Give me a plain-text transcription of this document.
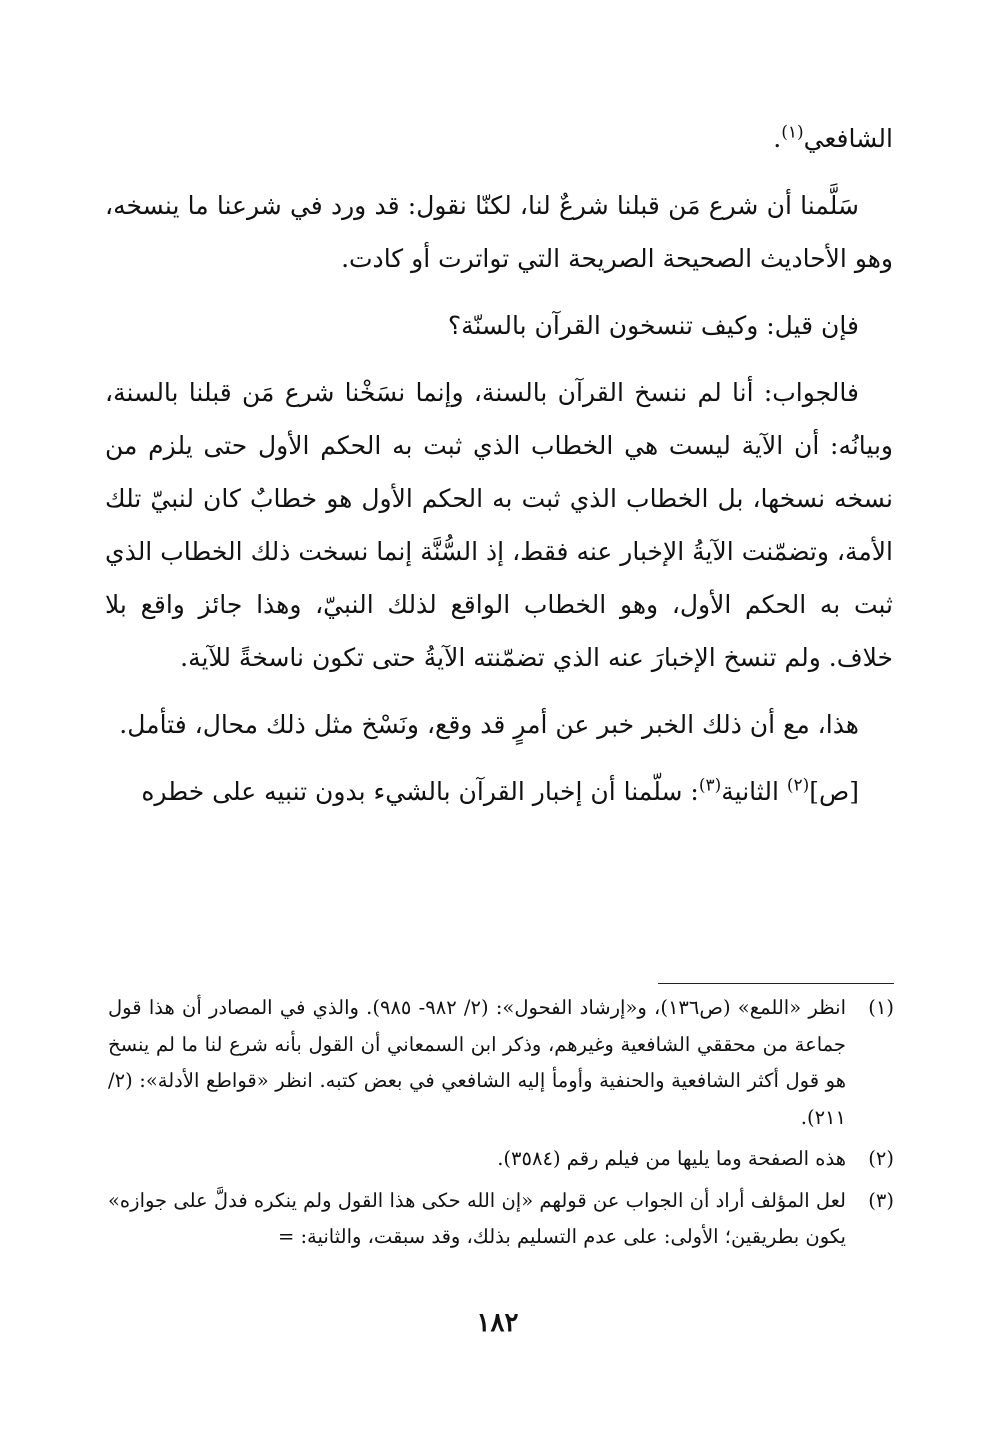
الشافعي$^{(١)}$.

سَلَّمنا أن شرع مَن قبلنا شرعٌ لنا، لكنّا نقول: قد ورد في شرعنا ما ينسخه، وهو الأحاديث الصحيحة الصريحة التي تواترت أو كادت.

فإن قيل: وكيف تنسخون القرآن بالسنّة؟

فالجواب: أنا لم ننسخ القرآن بالسنة، وإنما نسَخْنا شرع مَن قبلنا بالسنة، وبيانُه: أن الآية ليست هي الخطاب الذي ثبت به الحكم الأول حتى يلزم من نسخه نسخها، بل الخطاب الذي ثبت به الحكم الأول هو خطابٌ كان لنبيّ تلك الأمة، وتضمّنت الآيةُ الإخبار عنه فقط، إذ السُّنَّة إنما نسخت ذلك الخطاب الذي ثبت به الحكم الأول، وهو الخطاب الواقع لذلك النبيّ، وهذا جائز واقع بلا خلاف. ولم تنسخ الإخبارَ عنه الذي تضمّنته الآيةُ حتى تكون ناسخةً للآية.

هذا، مع أن ذلك الخبر خبر عن أمرٍ قد وقع، ونَسْخ مثل ذلك محال، فتأمل.

[ص]$^{(٢)}$ الثانية$^{(٣)}$: سلّمنا أن إخبار القرآن بالشيء بدون تنبيه على خطره

(١)
انظر «اللمع» (ص١٣٦)، و«إرشاد الفحول»: (٢/ ٩٨٢- ٩٨٥). والذي في المصادر أن هذا قول جماعة من محققي الشافعية وغيرهم، وذكر ابن السمعاني أن القول بأنه شرع لنا ما لم ينسخ هو قول أكثر الشافعية والحنفية وأومأ إليه الشافعي في بعض كتبه. انظر «قواطع الأدلة»: (٢/ ٢١١).
(٢)
هذه الصفحة وما يليها من فيلم رقم (٣٥٨٤).
(٣)
لعل المؤلف أراد أن الجواب عن قولهم «إن الله حكى هذا القول ولم ينكره فدلَّ على جوازه» يكون بطريقين؛ الأولى: على عدم التسليم بذلك، وقد سبقت، والثانية: =
١٨٢
